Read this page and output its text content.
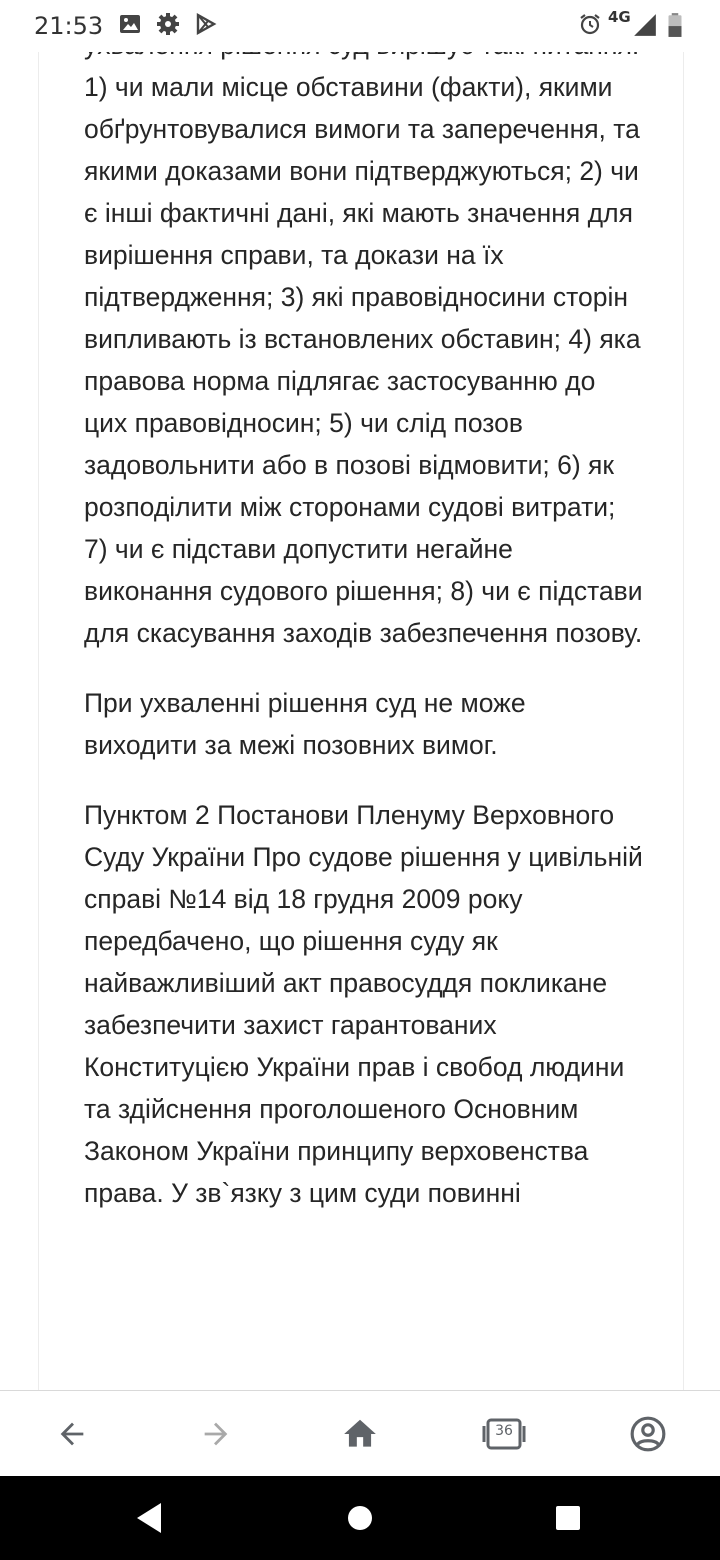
1) чи мали місце обставини (факти), якими обґрунтовувалися вимоги та заперечення, та якими доказами вони підтверджуються; 2) чи є інші фактичні дані, які мають значення для вирішення справи, та докази на їх підтвердження; 3) які правовідносини сторін випливають із встановлених обставин; 4) яка правова норма підлягає застосуванню до цих правовідносин; 5) чи слід позов задовольнити або в позові відмовити; 6) як розподілити між сторонами судові витрати; 7) чи є підстави допустити негайне виконання судового рішення; 8) чи є підстави для скасування заходів забезпечення позову.

При ухваленні рішення суд не може виходити за межі позовних вимог.

Пунктом 2 Постанови Пленуму Верховного Суду України Про судове рішення у цивільній справі №14 від 18 грудня 2009 року передбачено, що рішення суду як найважливіший акт правосуддя покликане забезпечити захист гарантованих Конституцією України прав і свобод людини та здійснення проголошеного Основним Законом України принципу верховенства права. У зв`язку з цим суди повинні

21:53	4G
36
